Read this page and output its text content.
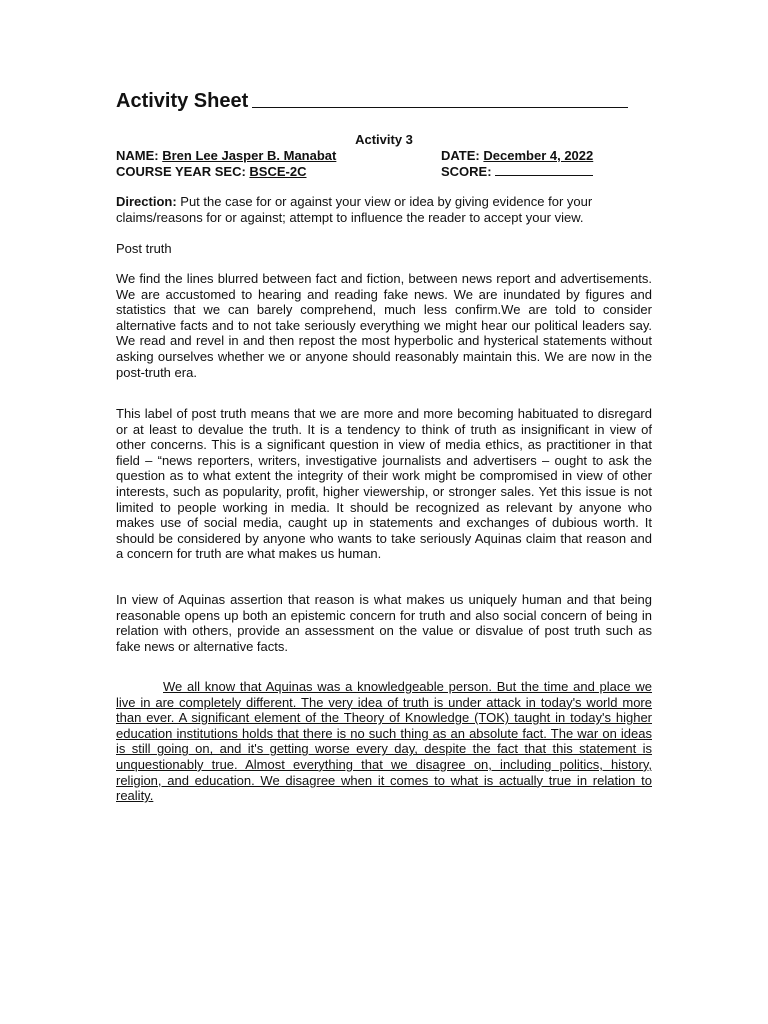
Activity Sheet
Activity 3
NAME: Bren Lee Jasper B. Manabat	DATE: December 4, 2022
COURSE YEAR SEC: BSCE-2C	SCORE:
Direction: Put the case for or against your view or idea by giving evidence for your claims/reasons for or against; attempt to influence the reader to accept your view.
Post truth
We find the lines blurred between fact and fiction, between news report and advertisements. We are accustomed to hearing and reading fake news. We are inundated by figures and statistics that we can barely comprehend, much less confirm.We are told to consider alternative facts and to not take seriously everything we might hear our political leaders say. We read and revel in and then repost the most hyperbolic and hysterical statements without asking ourselves whether we or anyone should reasonably maintain this. We are now in the post-truth era.
This label of post truth means that we are more and more becoming habituated to disregard or at least to devalue the truth. It is a tendency to think of truth as insignificant in view of other concerns. This is a significant question in view of media ethics, as practitioner in that field – “news reporters, writers, investigative journalists and advertisers – ought to ask the question as to what extent the integrity of their work might be compromised in view of other interests, such as popularity, profit, higher viewership, or stronger sales. Yet this issue is not limited to people working in media. It should be recognized as relevant by anyone who makes use of social media, caught up in statements and exchanges of dubious worth. It should be considered by anyone who wants to take seriously Aquinas claim that reason and a concern for truth are what makes us human.
In view of Aquinas assertion that reason is what makes us uniquely human and that being reasonable opens up both an epistemic concern for truth and also social concern of being in relation with others, provide an assessment on the value or disvalue of post truth such as fake news or alternative facts.
We all know that Aquinas was a knowledgeable person. But the time and place we live in are completely different. The very idea of truth is under attack in today's world more than ever. A significant element of the Theory of Knowledge (TOK) taught in today's higher education institutions holds that there is no such thing as an absolute fact. The war on ideas is still going on, and it's getting worse every day, despite the fact that this statement is unquestionably true. Almost everything that we disagree on, including politics, history, religion, and education. We disagree when it comes to what is actually true in relation to reality.
